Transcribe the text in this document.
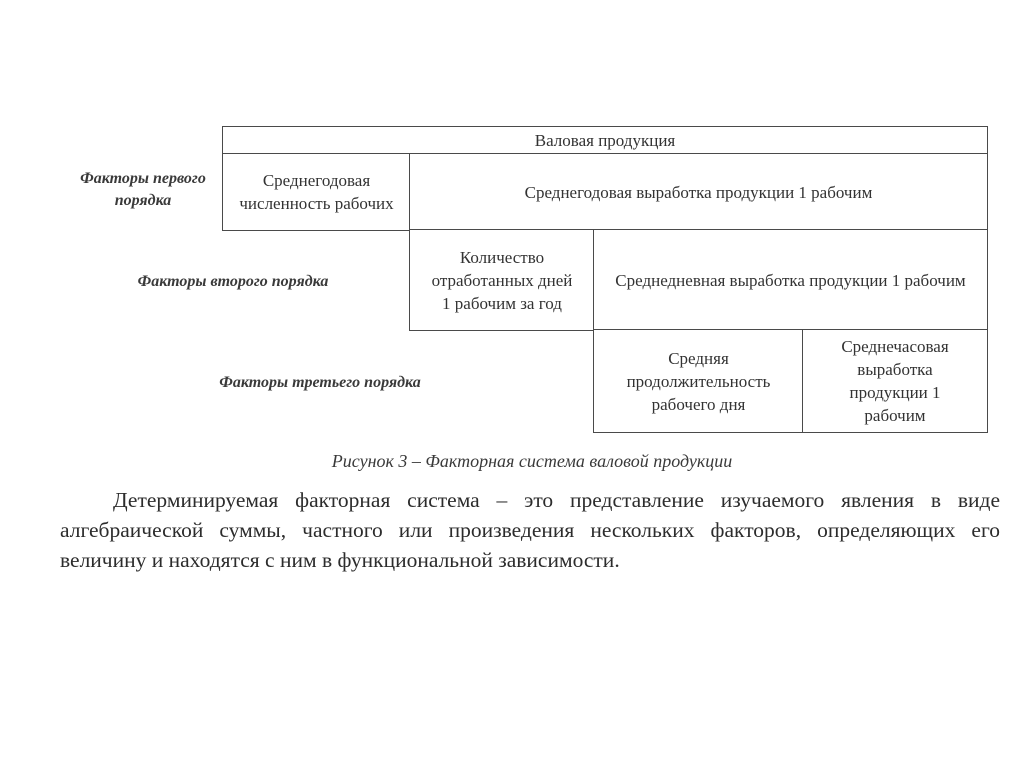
Валовая продукция
Факторы первого порядка
Среднегодовая численность рабочих
Среднегодовая выработка продукции 1 рабочим
Факторы второго порядка
Количество отработанных дней 1 рабочим за год
Среднедневная выработка продукции 1 рабочим
Факторы третьего порядка
Средняя продолжительность рабочего дня
Среднечасовая выработка продукции 1 рабочим
Рисунок 3 – Факторная система валовой продукции
Детерминируемая факторная система – это представление изучаемого явления в виде алгебраической суммы, частного или произведения нескольких факторов, определяющих его величину и находятся с ним в функциональной зависимости.
